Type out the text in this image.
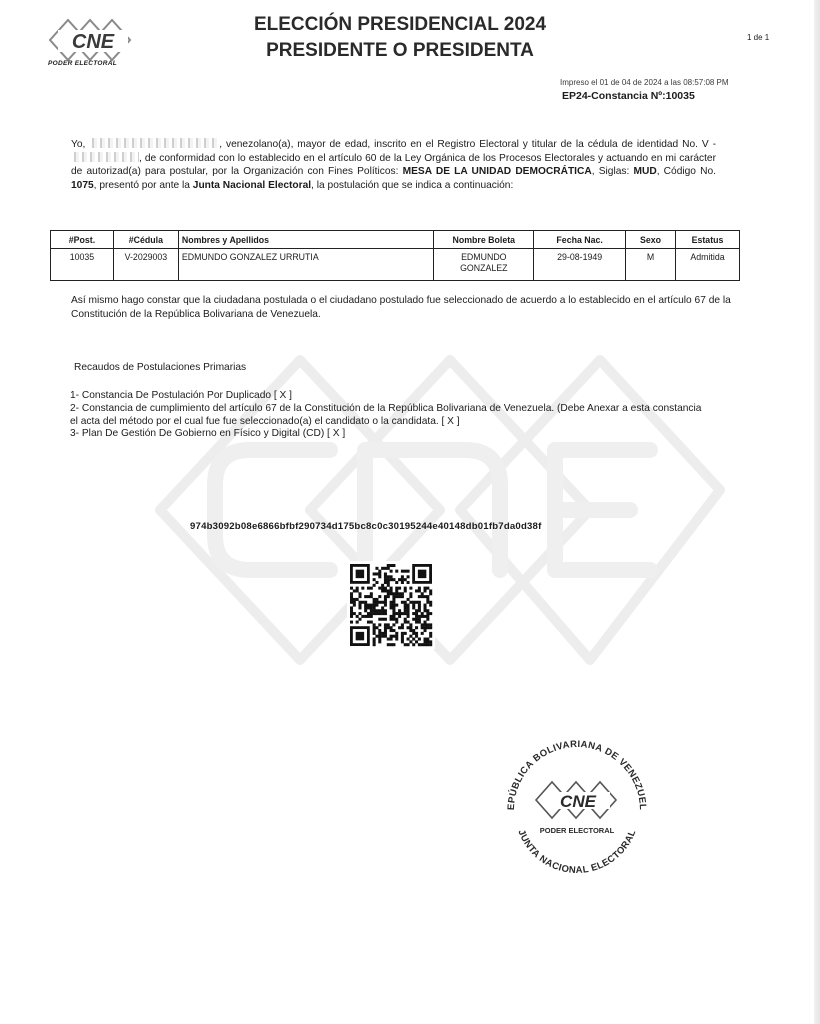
CNE
PODER ELECTORAL
ELECCIÓN PRESIDENCIAL 2024
PRESIDENTE O PRESIDENTA
1 de 1
Impreso el 01 de 04 de 2024 a las 08:57:08 PM
EP24-Constancia Nº:10035
Yo,	, venezolano(a), mayor de edad, inscrito en el Registro Electoral y titular de la cédula de identidad No. V - , de conformidad con lo establecido en el artículo 60 de la Ley Orgánica de los Procesos Electorales y actuando en mi carácter de autorizad(a) para postular, por la Organización con Fines Políticos: MESA DE LA UNIDAD DEMOCRÁTICA, Siglas: MUD, Código No. 1075, presentó por ante la Junta Nacional Electoral, la postulación que se indica a continuación:
#Post.	#Cédula	Nombres y Apellidos	Nombre Boleta	Fecha Nac.	Sexo	Estatus
10035	V-2029003	EDMUNDO GONZALEZ URRUTIA	EDMUNDO GONZALEZ	29-08-1949	M	Admitida
Así mismo hago constar que la ciudadana postulada o el ciudadano postulado fue seleccionado de acuerdo a lo establecido en el artículo 67 de la Constitución de la República Bolivariana de Venezuela.
Recaudos de Postulaciones Primarias
1- Constancia De Postulación Por Duplicado [ X ]
2- Constancia de cumplimiento del artículo 67 de la Constitución de la República Bolivariana de Venezuela. (Debe Anexar a esta constancia el acta del método por el cual fue fue seleccionado(a) el candidato o la candidata. [ X ]
3- Plan De Gestión De Gobierno en Físico y Digital (CD) [ X ]
974b3092b08e6866bfbf290734d175bc8c0c30195244e40148db01fb7da0d38f
EPÚBLICA BOLIVARIANA DE VENEZUEL
JUNTA NACIONAL ELECTORAL
CNE
PODER ELECTORAL
